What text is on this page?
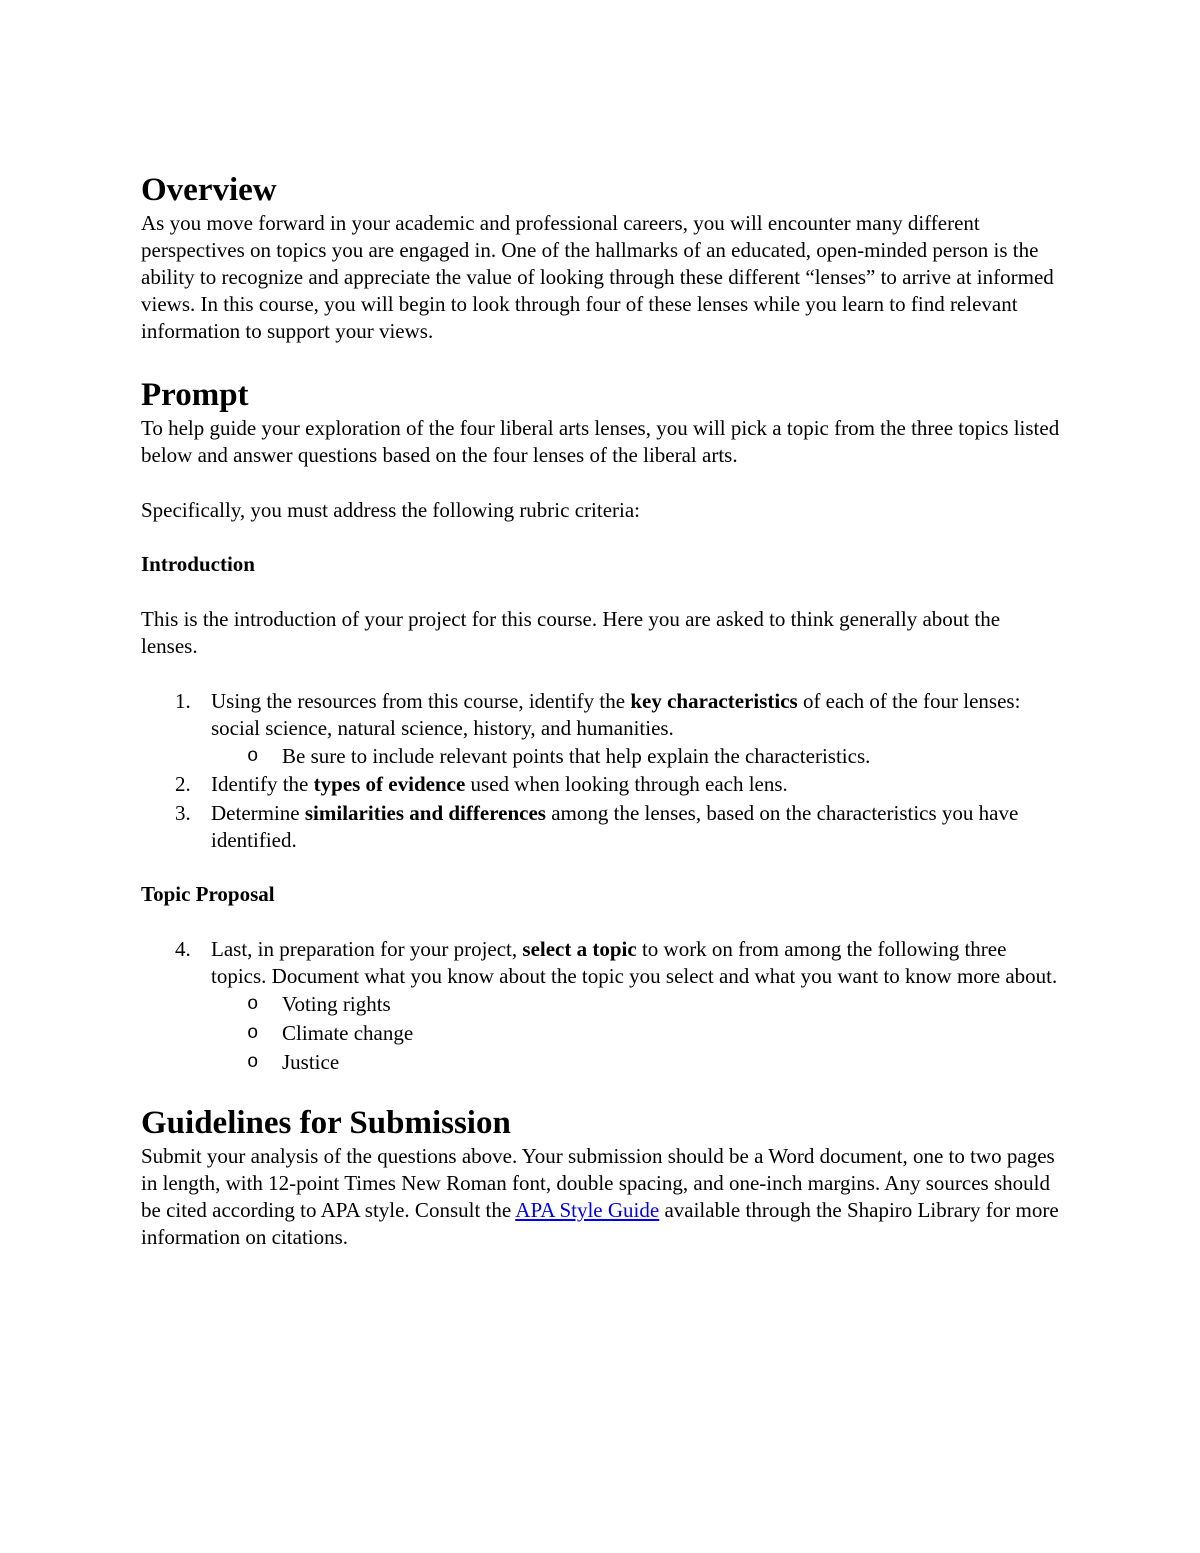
Overview

As you move forward in your academic and professional careers, you will encounter many different perspectives on topics you are engaged in. One of the hallmarks of an educated, open-minded person is the ability to recognize and appreciate the value of looking through these different “lenses” to arrive at informed views. In this course, you will begin to look through four of these lenses while you learn to find relevant information to support your views.

Prompt

To help guide your exploration of the four liberal arts lenses, you will pick a topic from the three topics listed below and answer questions based on the four lenses of the liberal arts.

Specifically, you must address the following rubric criteria:

Introduction

This is the introduction of your project for this course. Here you are asked to think generally about the lenses.

1. Using the resources from this course, identify the key characteristics of each of the four lenses: social science, natural science, history, and humanities.
o Be sure to include relevant points that help explain the characteristics.
2. Identify the types of evidence used when looking through each lens.
3. Determine similarities and differences among the lenses, based on the characteristics you have identified.

Topic Proposal

4. Last, in preparation for your project, select a topic to work on from among the following three topics. Document what you know about the topic you select and what you want to know more about.
o Voting rights
o Climate change
o Justice
Guidelines for Submission

Submit your analysis of the questions above. Your submission should be a Word document, one to two pages in length, with 12-point Times New Roman font, double spacing, and one-inch margins. Any sources should be cited according to APA style. Consult the APA Style Guide available through the Shapiro Library for more information on citations.
